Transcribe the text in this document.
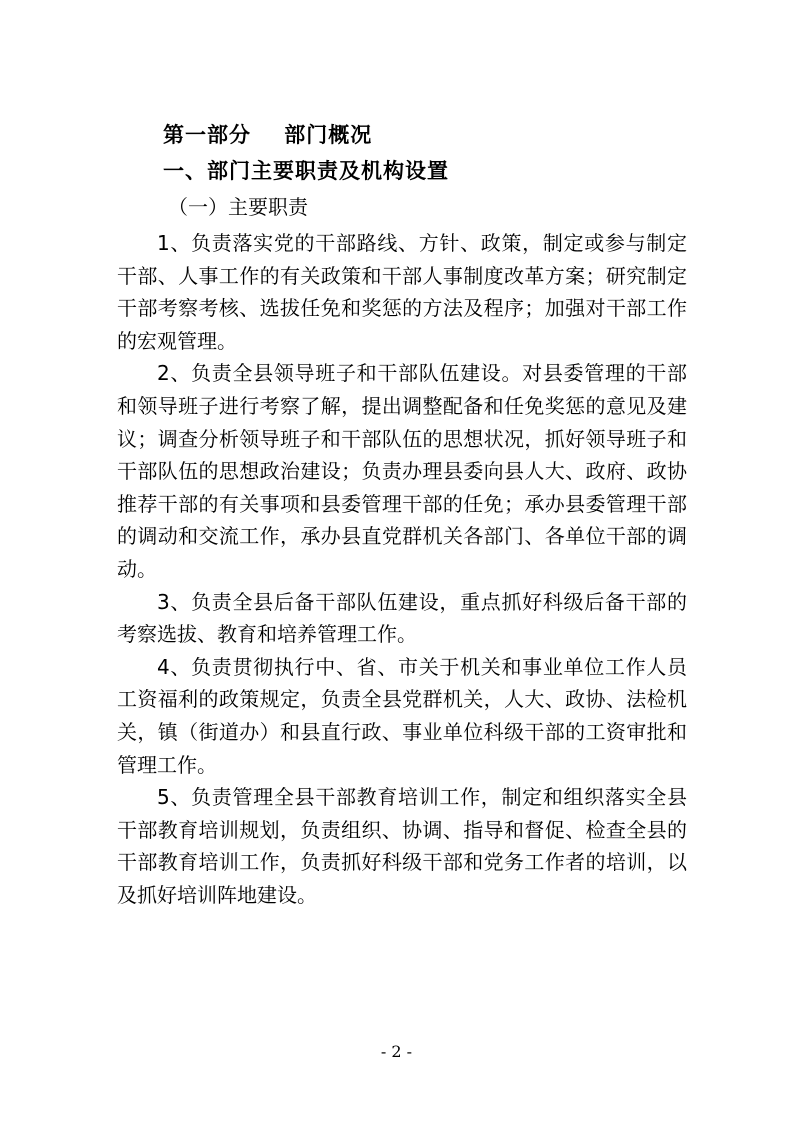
第一部分    部门概况
一、部门主要职责及机构设置
（一）主要职责

1、负责落实党的干部路线、方针、政策，制定或参与制定干部、人事工作的有关政策和干部人事制度改革方案；研究制定干部考察考核、选拔任免和奖惩的方法及程序；加强对干部工作的宏观管理。

2、负责全县领导班子和干部队伍建设。对县委管理的干部和领导班子进行考察了解，提出调整配备和任免奖惩的意见及建议；调查分析领导班子和干部队伍的思想状况，抓好领导班子和干部队伍的思想政治建设；负责办理县委向县人大、政府、政协推荐干部的有关事项和县委管理干部的任免；承办县委管理干部的调动和交流工作，承办县直党群机关各部门、各单位干部的调动。

3、负责全县后备干部队伍建设，重点抓好科级后备干部的考察选拔、教育和培养管理工作。

4、负责贯彻执行中、省、市关于机关和事业单位工作人员工资福利的政策规定，负责全县党群机关，人大、政协、法检机关，镇（街道办）和县直行政、事业单位科级干部的工资审批和管理工作。

5、负责管理全县干部教育培训工作，制定和组织落实全县干部教育培训规划，负责组织、协调、指导和督促、检查全县的干部教育培训工作，负责抓好科级干部和党务工作者的培训，以及抓好培训阵地建设。

- 2 -
